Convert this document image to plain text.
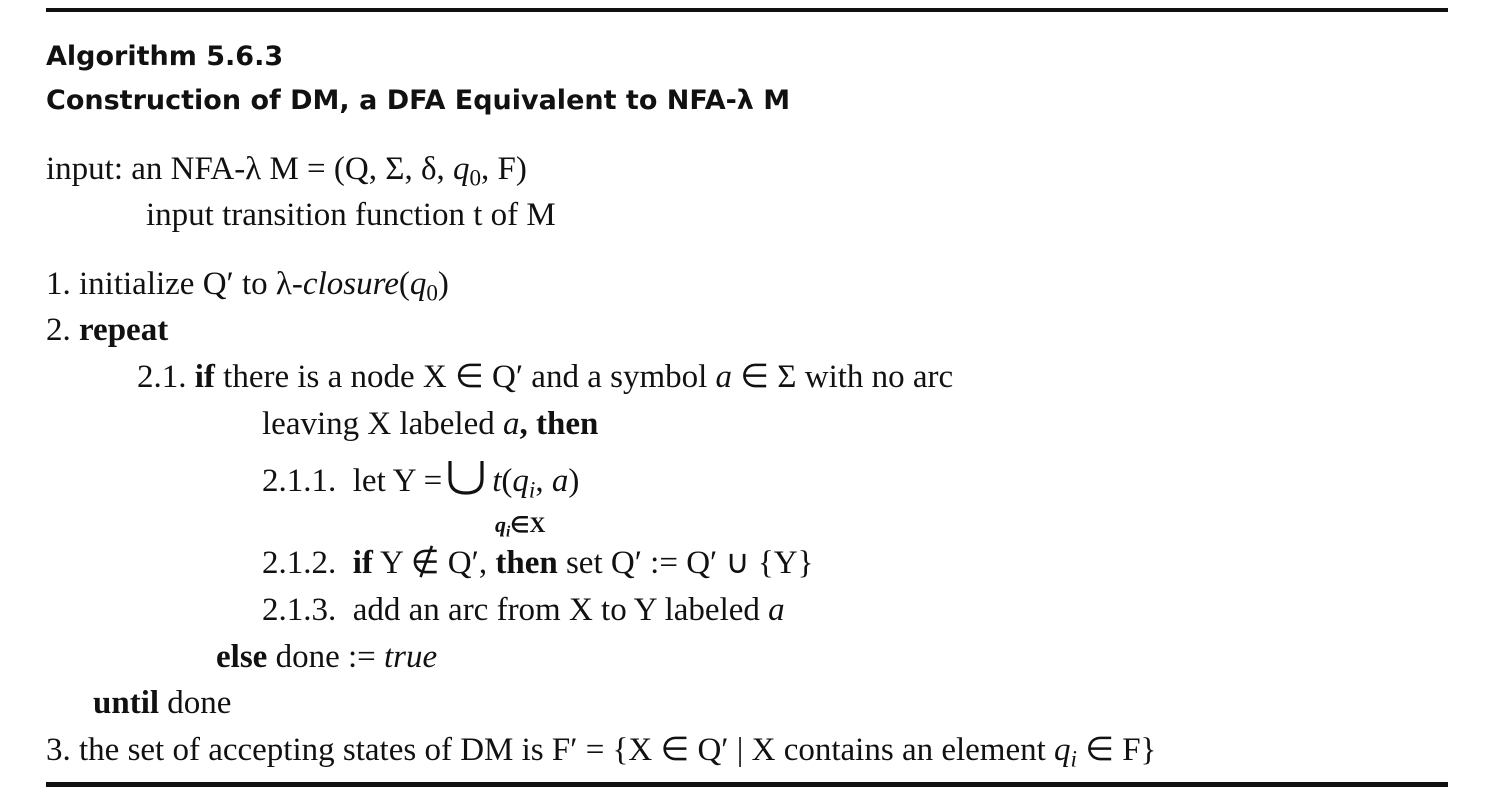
Algorithm 5.6.3
Construction of DM, a DFA Equivalent to NFA-λ M
input: an NFA-λ M = (Q, Σ, δ, $q_0$, F)
input transition function t of M
1. initialize Q′ to $\lambda-closure(q_0)$
2. repeat
2.1. if there is a node X ∈ Q′ and a symbol a ∈ Σ with no arc
leaving X labeled a, then
2.1.1. let $Y = t(q_i$, a)
$q_i\in X$
2.1.2. if Y ∉ Q′, then set Q′ := Q′ ∪ {Y}
2.1.3. add an arc from X to Y labeled a
else done := true
until done
3. the set of accepting states of DM is F′ = {X ∈ Q′ | X contains an element $q_i$ ∈ F}
